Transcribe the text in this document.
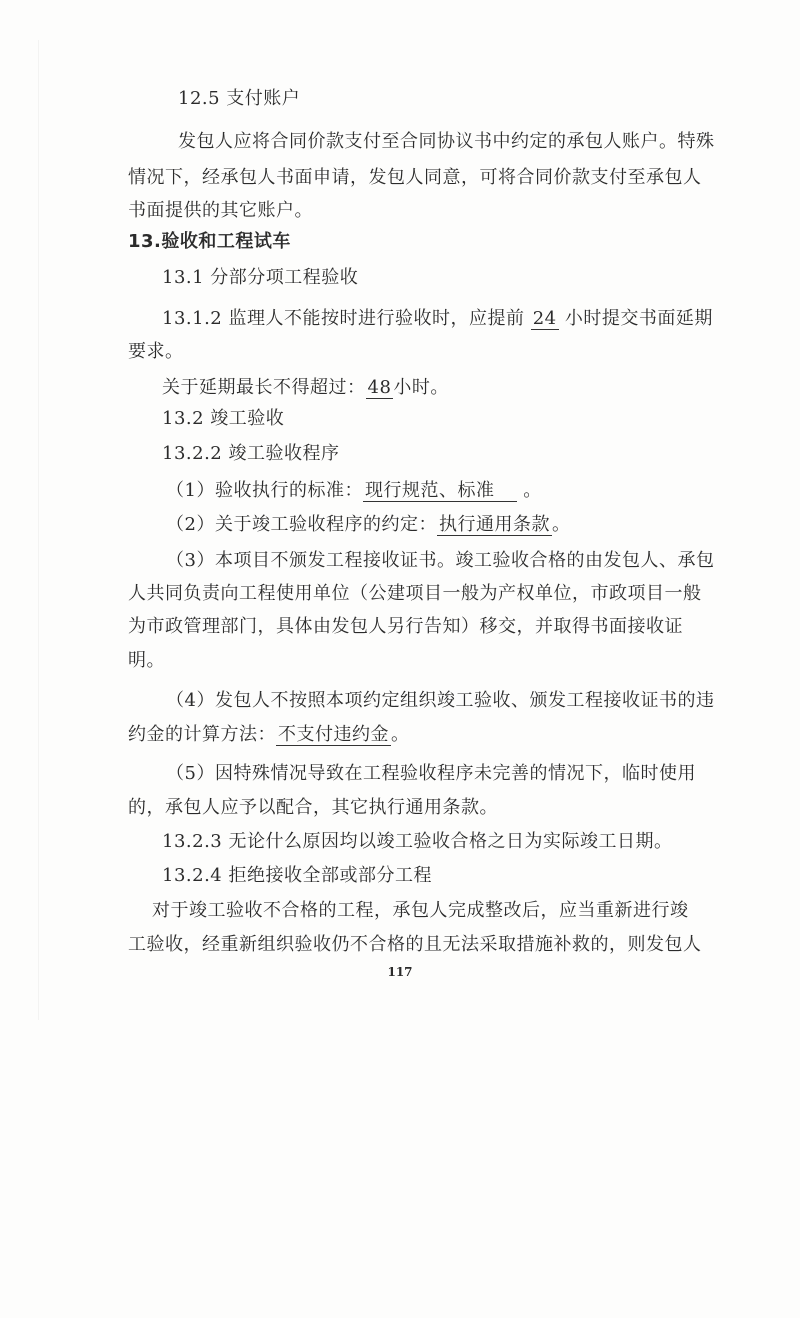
12.5 支付账户
发包人应将合同价款支付至合同协议书中约定的承包人账户。特殊
情况下，经承包人书面申请，发包人同意，可将合同价款支付至承包人
书面提供的其它账户。
13.验收和工程试车
13.1 分部分项工程验收
13.1.2 监理人不能按时进行验收时，应提前 24 小时提交书面延期
要求。
关于延期最长不得超过： 48 小时。
13.2 竣工验收
13.2.2 竣工验收程序
（1）验收执行的标准： 现行规范、标准 。
（2）关于竣工验收程序的约定： 执行通用条款 。
（3）本项目不颁发工程接收证书。竣工验收合格的由发包人、承包
人共同负责向工程使用单位（公建项目一般为产权单位，市政项目一般
为市政管理部门，具体由发包人另行告知）移交，并取得书面接收证
明。
（4）发包人不按照本项约定组织竣工验收、颁发工程接收证书的违
约金的计算方法： 不支付违约金 。
（5）因特殊情况导致在工程验收程序未完善的情况下，临时使用
的，承包人应予以配合，其它执行通用条款。
13.2.3 无论什么原因均以竣工验收合格之日为实际竣工日期。
13.2.4 拒绝接收全部或部分工程
对于竣工验收不合格的工程，承包人完成整改后，应当重新进行竣
工验收，经重新组织验收仍不合格的且无法采取措施补救的，则发包人
117
